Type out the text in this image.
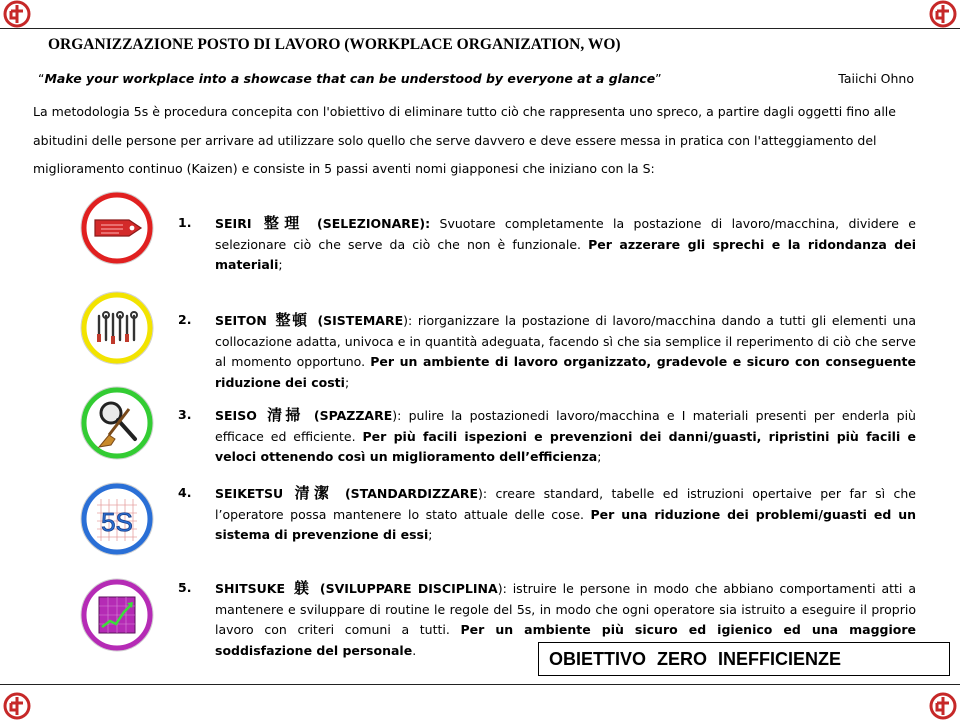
ORGANIZZAZIONE POSTO DI LAVORO (WORKPLACE ORGANIZATION, WO)
“Make your workplace into a showcase that can be understood by everyone at a glance”	Taiichi Ohno
La metodologia 5s è procedura concepita con l'obiettivo di eliminare tutto ciò che rappresenta uno spreco, a partire dagli oggetti fino alle abitudini delle persone per arrivare ad utilizzare solo quello che serve davvero e deve essere messa in pratica con l'atteggiamento del miglioramento continuo (Kaizen) e consiste in 5 passi aventi nomi giapponesi che iniziano con la S:
5S
1. SEIRI 整理 (SELEZIONARE): Svuotare completamente la postazione di lavoro/macchina, dividere e selezionare ciò che serve da ciò che non è funzionale. Per azzerare gli sprechi e la ridondanza dei materiali;
2. SEITON 整頓 (SISTEMARE): riorganizzare la postazione di lavoro/macchina dando a tutti gli elementi una collocazione adatta, univoca e in quantità adeguata, facendo sì che sia semplice il reperimento di ciò che serve al momento opportuno. Per un ambiente di lavoro organizzato, gradevole e sicuro con conseguente riduzione dei costi;
3. SEISO 清掃 (SPAZZARE): pulire la postazionedi lavoro/macchina e I materiali presenti per enderla più efficace ed efficiente. Per più facili ispezioni e prevenzioni dei danni/guasti, ripristini più facili e veloci ottenendo così un miglioramento dell’efficienza;
4. SEIKETSU 清潔 (STANDARDIZZARE): creare standard, tabelle ed istruzioni opertaive per far sì che l’operatore possa mantenere lo stato attuale delle cose. Per una riduzione dei problemi/guasti ed un sistema di prevenzione di essi;
5. SHITSUKE 躾 (SVILUPPARE DISCIPLINA): istruire le persone in modo che abbiano comportamenti atti a mantenere e sviluppare di routine le regole del 5s, in modo che ogni operatore sia istruito a eseguire il proprio lavoro con criteri comuni a tutti. Per un ambiente più sicuro ed igienico ed una maggiore soddisfazione del personale.	OBIETTIVO ZERO INEFFICIENZE
